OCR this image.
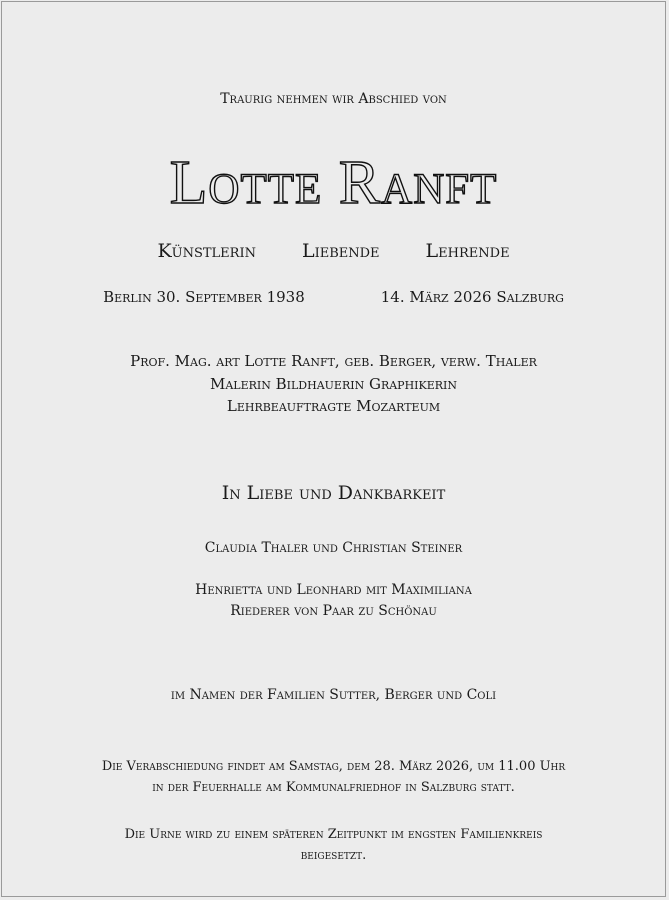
Traurig nehmen wir Abschied von
Lotte Ranft
Künstlerin Liebende Lehrende
Berlin 30. September 1938	14. März 2026 Salzburg
Prof. Mag. art Lotte Ranft, geb. Berger, verw. Thaler
Malerin Bildhauerin Graphikerin
Lehrbeauftragte Mozarteum
In Liebe und Dankbarkeit
Claudia Thaler und Christian Steiner
Henrietta und Leonhard mit Maximiliana
Riederer von Paar zu Schönau
im Namen der Familien Sutter, Berger und Coli
Die Verabschiedung findet am Samstag, dem 28. März 2026, um 11.00 Uhr
in der Feuerhalle am Kommunalfriedhof in Salzburg statt.
Die Urne wird zu einem späteren Zeitpunkt im engsten Familienkreis
beigesetzt.
